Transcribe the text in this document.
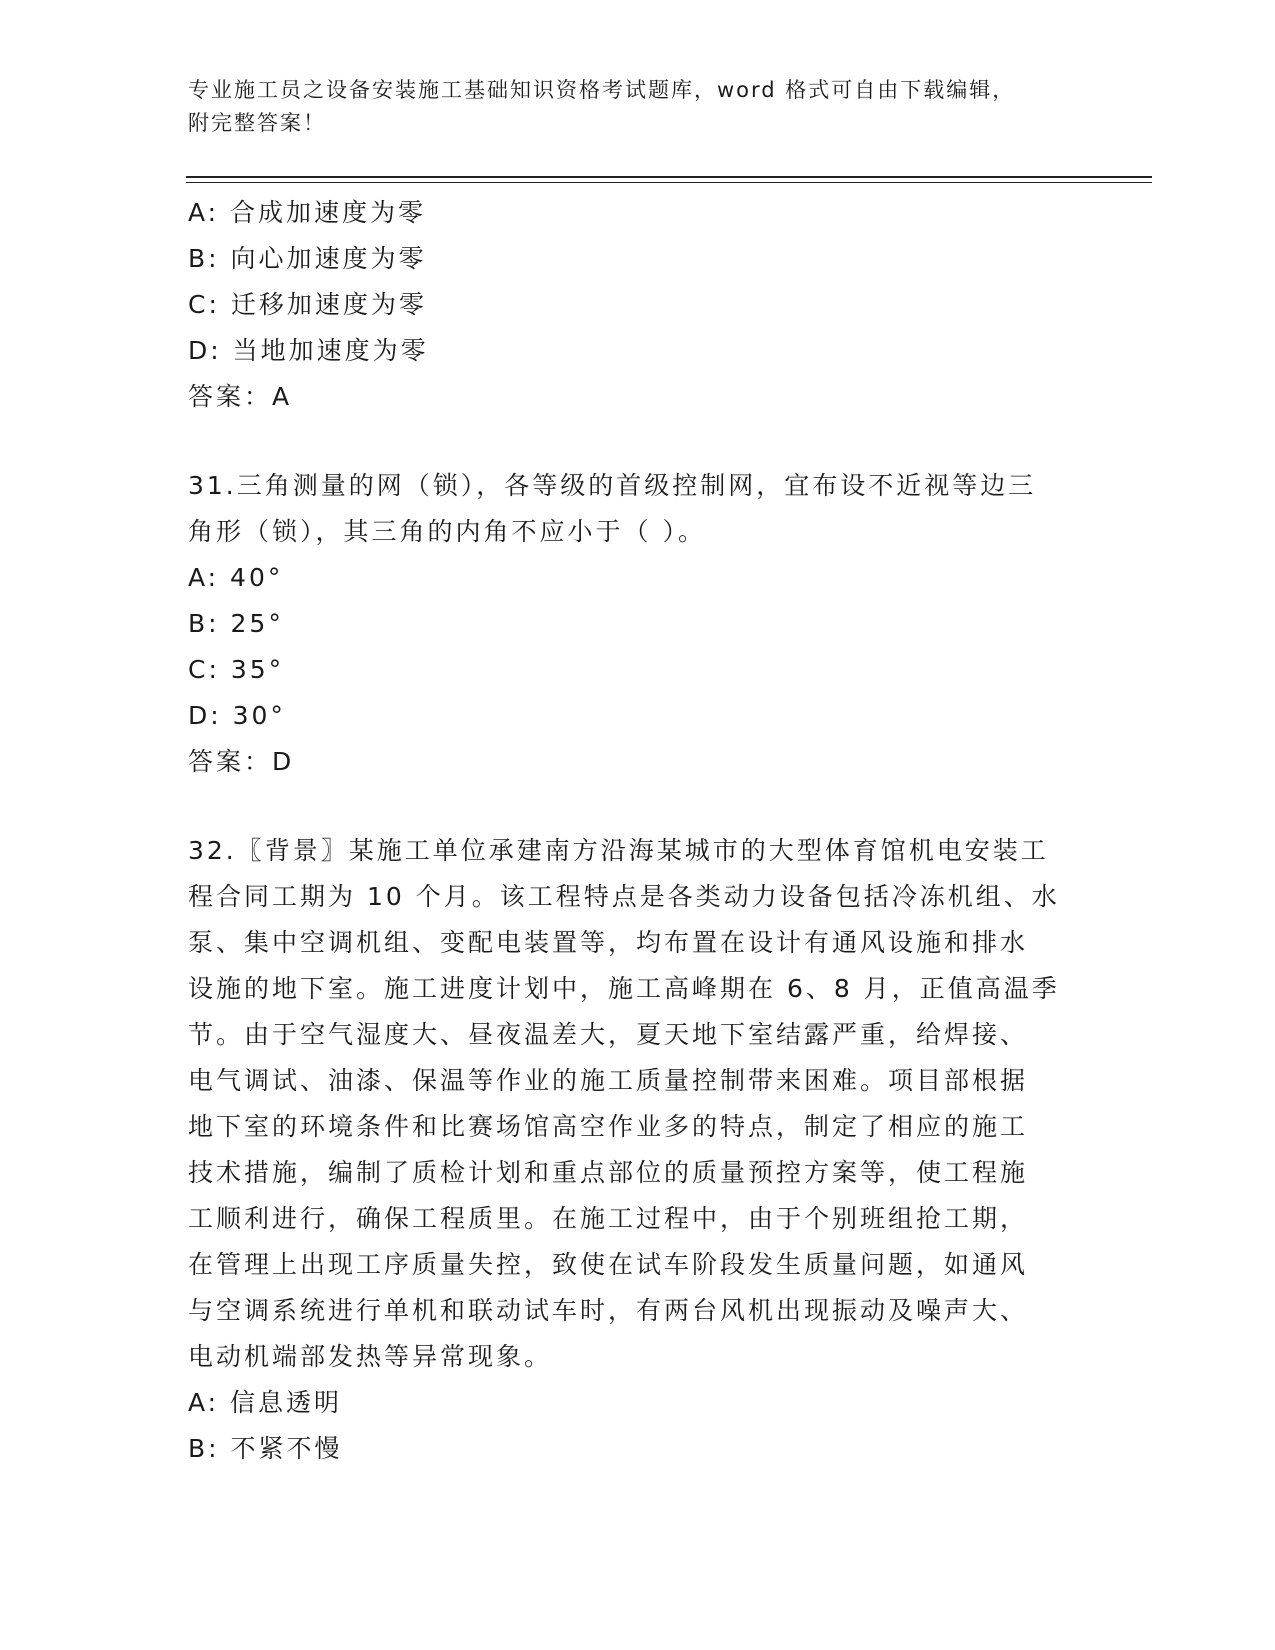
专业施工员之设备安装施工基础知识资格考试题库，word 格式可自由下载编辑，
附完整答案！
A: 合成加速度为零
B: 向心加速度为零
C: 迁移加速度为零
D: 当地加速度为零
答案：A
31.三角测量的网（锁），各等级的首级控制网，宜布设不近视等边三
角形（锁），其三角的内角不应小于（ ）。
A: 40°
B: 25°
C: 35°
D: 30°
答案：D
32.〖背景〗某施工单位承建南方沿海某城市的大型体育馆机电安装工
程合同工期为 10 个月。该工程特点是各类动力设备包括冷冻机组、水
泵、集中空调机组、变配电装置等，均布置在设计有通风设施和排水
设施的地下室。施工进度计划中，施工高峰期在 6、8 月，正值高温季
节。由于空气湿度大、昼夜温差大，夏天地下室结露严重，给焊接、
电气调试、油漆、保温等作业的施工质量控制带来困难。项目部根据
地下室的环境条件和比赛场馆高空作业多的特点，制定了相应的施工
技术措施，编制了质检计划和重点部位的质量预控方案等，使工程施
工顺利进行，确保工程质里。在施工过程中，由于个别班组抢工期，
在管理上出现工序质量失控，致使在试车阶段发生质量问题，如通风
与空调系统进行单机和联动试车时，有两台风机出现振动及噪声大、
电动机端部发热等异常现象。
A: 信息透明
B: 不紧不慢
